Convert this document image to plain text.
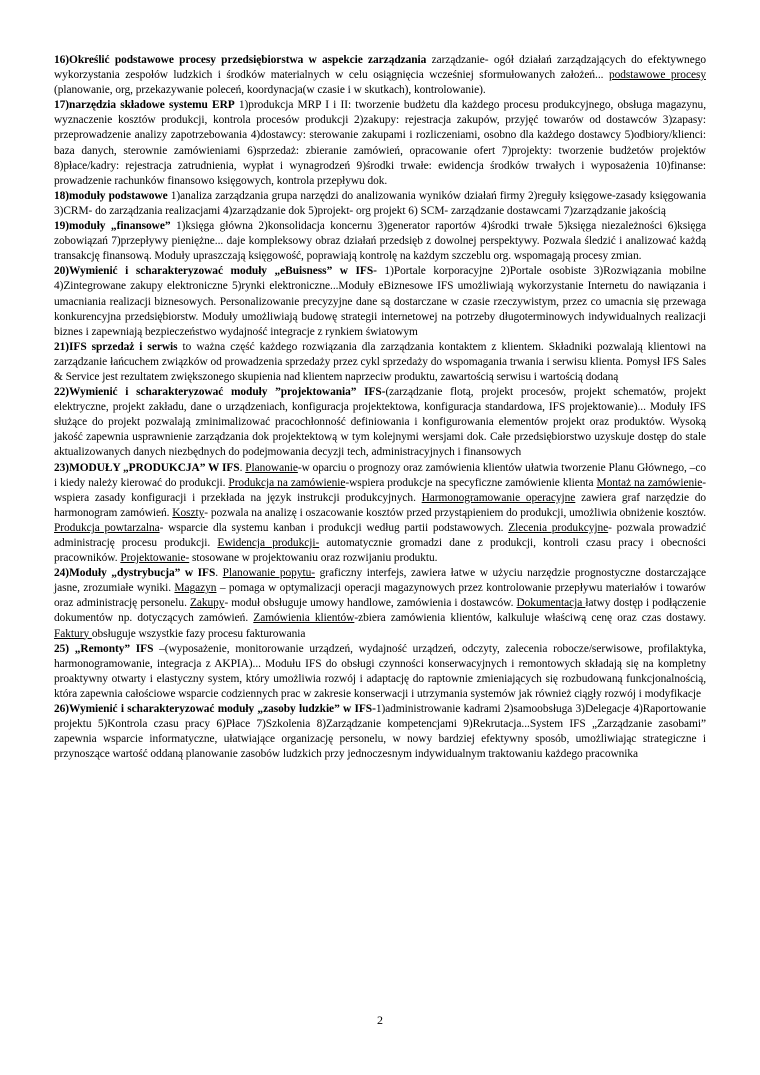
16)Określić podstawowe procesy przedsiębiorstwa w aspekcie zarządzania zarządzanie- ogół działań zarządzających do efektywnego wykorzystania zespołów ludzkich i środków materialnych w celu osiągnięcia wcześniej sformułowanych założeń... podstawowe procesy (planowanie, org, przekazywanie poleceń, koordynacja(w czasie i w skutkach), kontrolowanie).

17)narzędzia składowe systemu ERP 1)produkcja MRP I i II: tworzenie budżetu dla każdego procesu produkcyjnego, obsługa magazynu, wyznaczenie kosztów produkcji, kontrola procesów produkcji 2)zakupy: rejestracja zakupów, przyjęć towarów od dostawców 3)zapasy: przeprowadzenie analizy zapotrzebowania 4)dostawcy: sterowanie zakupami i rozliczeniami, osobno dla każdego dostawcy 5)odbiory/klienci: baza danych, sterownie zamówieniami 6)sprzedaż: zbieranie zamówień, opracowanie ofert 7)projekty: tworzenie budżetów projektów 8)płace/kadry: rejestracja zatrudnienia, wypłat i wynagrodzeń 9)środki trwałe: ewidencja środków trwałych i wyposażenia 10)finanse: prowadzenie rachunków finansowo księgowych, kontrola przepływu dok.

18)moduły podstawowe 1)analiza zarządzania grupa narzędzi do analizowania wyników działań firmy 2)reguły księgowe-zasady księgowania 3)CRM- do zarządzania realizacjami 4)zarządzanie dok 5)projekt- org projekt 6) SCM- zarządzanie dostawcami 7)zarządzanie jakością

19)moduły „finansowe” 1)księga główna 2)konsolidacja koncernu 3)generator raportów 4)środki trwałe 5)księga niezależności 6)księga zobowiązań 7)przepływy pieniężne... daje kompleksowy obraz działań przedsięb z dowolnej perspektywy. Pozwala śledzić i analizować każdą transakcję finansową. Moduły upraszczają księgowość, poprawiają kontrolę na każdym szczeblu org. wspomagają procesy zmian.

20)Wymienić i scharakteryzować moduły „eBuisness” w IFS- 1)Portale korporacyjne 2)Portale osobiste 3)Rozwiązania mobilne 4)Zintegrowane zakupy elektroniczne 5)rynki elektroniczne...Moduły eBiznesowe IFS umożliwiają wykorzystanie Internetu do nawiązania i umacniania realizacji biznesowych. Personalizowanie precyzyjne dane są dostarczane w czasie rzeczywistym, przez co umacnia się przewaga konkurencyjna przedsiębiorstw. Moduły umożliwiają budowę strategii internetowej na potrzeby długoterminowych indywidualnych realizacji biznes i zapewniają bezpieczeństwo wydajność integracje z rynkiem światowym

21)IFS sprzedaż i serwis to ważna część każdego rozwiązania dla zarządzania kontaktem z klientem. Składniki pozwalają klientowi na zarządzanie łańcuchem związków od prowadzenia sprzedaży przez cykl sprzedaży do wspomagania trwania i serwisu klienta. Pomysł IFS Sales & Service jest rezultatem zwiększonego skupienia nad klientem naprzeciw produktu, zawartością serwisu i wartością dodaną

22)Wymienić i scharakteryzować moduły ”projektowania” IFS-(zarządzanie flotą, projekt procesów, projekt schematów, projekt elektryczne, projekt zakładu, dane o urządzeniach, konfiguracja projektektowa, konfiguracja standardowa, IFS projektowanie)... Moduły IFS służące do projekt pozwalają zminimalizować pracochłonność definiowania i konfigurowania elementów projekt oraz produktów. Wysoką jakość zapewnia usprawnienie zarządzania dok projektektową w tym kolejnymi wersjami dok. Całe przedsiębiorstwo uzyskuje dostęp do stale aktualizowanych danych niezbędnych do podejmowania decyzji tech, administracyjnych i finansowych

23)MODUŁY „PRODUKCJA” W IFS. Planowanie-w oparciu o prognozy oraz zamówienia klientów ułatwia tworzenie Planu Głównego, –co i kiedy należy kierować do produkcji. Produkcja na zamówienie-wspiera produkcje na specyficzne zamówienie klienta Montaż na zamówienie-wspiera zasady konfiguracji i przekłada na język instrukcji produkcyjnych. Harmonogramowanie operacyjne zawiera graf narzędzie do harmonogram zamówień. Koszty- pozwala na analizę i oszacowanie kosztów przed przystąpieniem do produkcji, umożliwia obniżenie kosztów. Produkcja powtarzalna- wsparcie dla systemu kanban i produkcji według partii podstawowych. Zlecenia produkcyjne- pozwala prowadzić administrację procesu produkcji. Ewidencja produkcji- automatycznie gromadzi dane z produkcji, kontroli czasu pracy i obecności pracowników. Projektowanie- stosowane w projektowaniu oraz rozwijaniu produktu.

24)Moduły „dystrybucja” w IFS. Planowanie popytu- graficzny interfejs, zawiera łatwe w użyciu narzędzie prognostyczne dostarczające jasne, zrozumiałe wyniki. Magazyn – pomaga w optymalizacji operacji magazynowych przez kontrolowanie przepływu materiałów i towarów oraz administrację personelu. Zakupy- moduł obsługuje umowy handlowe, zamówienia i dostawców. Dokumentacja łatwy dostęp i podłączenie dokumentów np. dotyczących zamówień. Zamówienia klientów-zbiera zamówienia klientów, kalkuluje właściwą cenę oraz czas dostawy. Faktury obsługuje wszystkie fazy procesu fakturowania

25) „Remonty” IFS –(wyposażenie, monitorowanie urządzeń, wydajność urządzeń, odczyty, zalecenia robocze/serwisowe, profilaktyka, harmonogramowanie, integracja z AKPIA)... Modułu IFS do obsługi czynności konserwacyjnych i remontowych składają się na kompletny proaktywny otwarty i elastyczny system, który umożliwia rozwój i adaptację do raptownie zmieniających się rozbudowaną funkcjonalnością, która zapewnia całościowe wsparcie codziennych prac w zakresie konserwacji i utrzymania systemów jak również ciągły rozwój i modyfikacje

26)Wymienić i scharakteryzować moduły „zasoby ludzkie” w IFS-1)administrowanie kadrami 2)samoobsługa 3)Delegacje 4)Raportowanie projektu 5)Kontrola czasu pracy 6)Płace 7)Szkolenia 8)Zarządzanie kompetencjami 9)Rekrutacja...System IFS „Zarządzanie zasobami” zapewnia wsparcie informatyczne, ułatwiające organizację personelu, w nowy bardziej efektywny sposób, umożliwiając strategiczne i przynoszące wartość oddaną planowanie zasobów ludzkich przy jednoczesnym indywidualnym traktowaniu każdego pracownika

2
